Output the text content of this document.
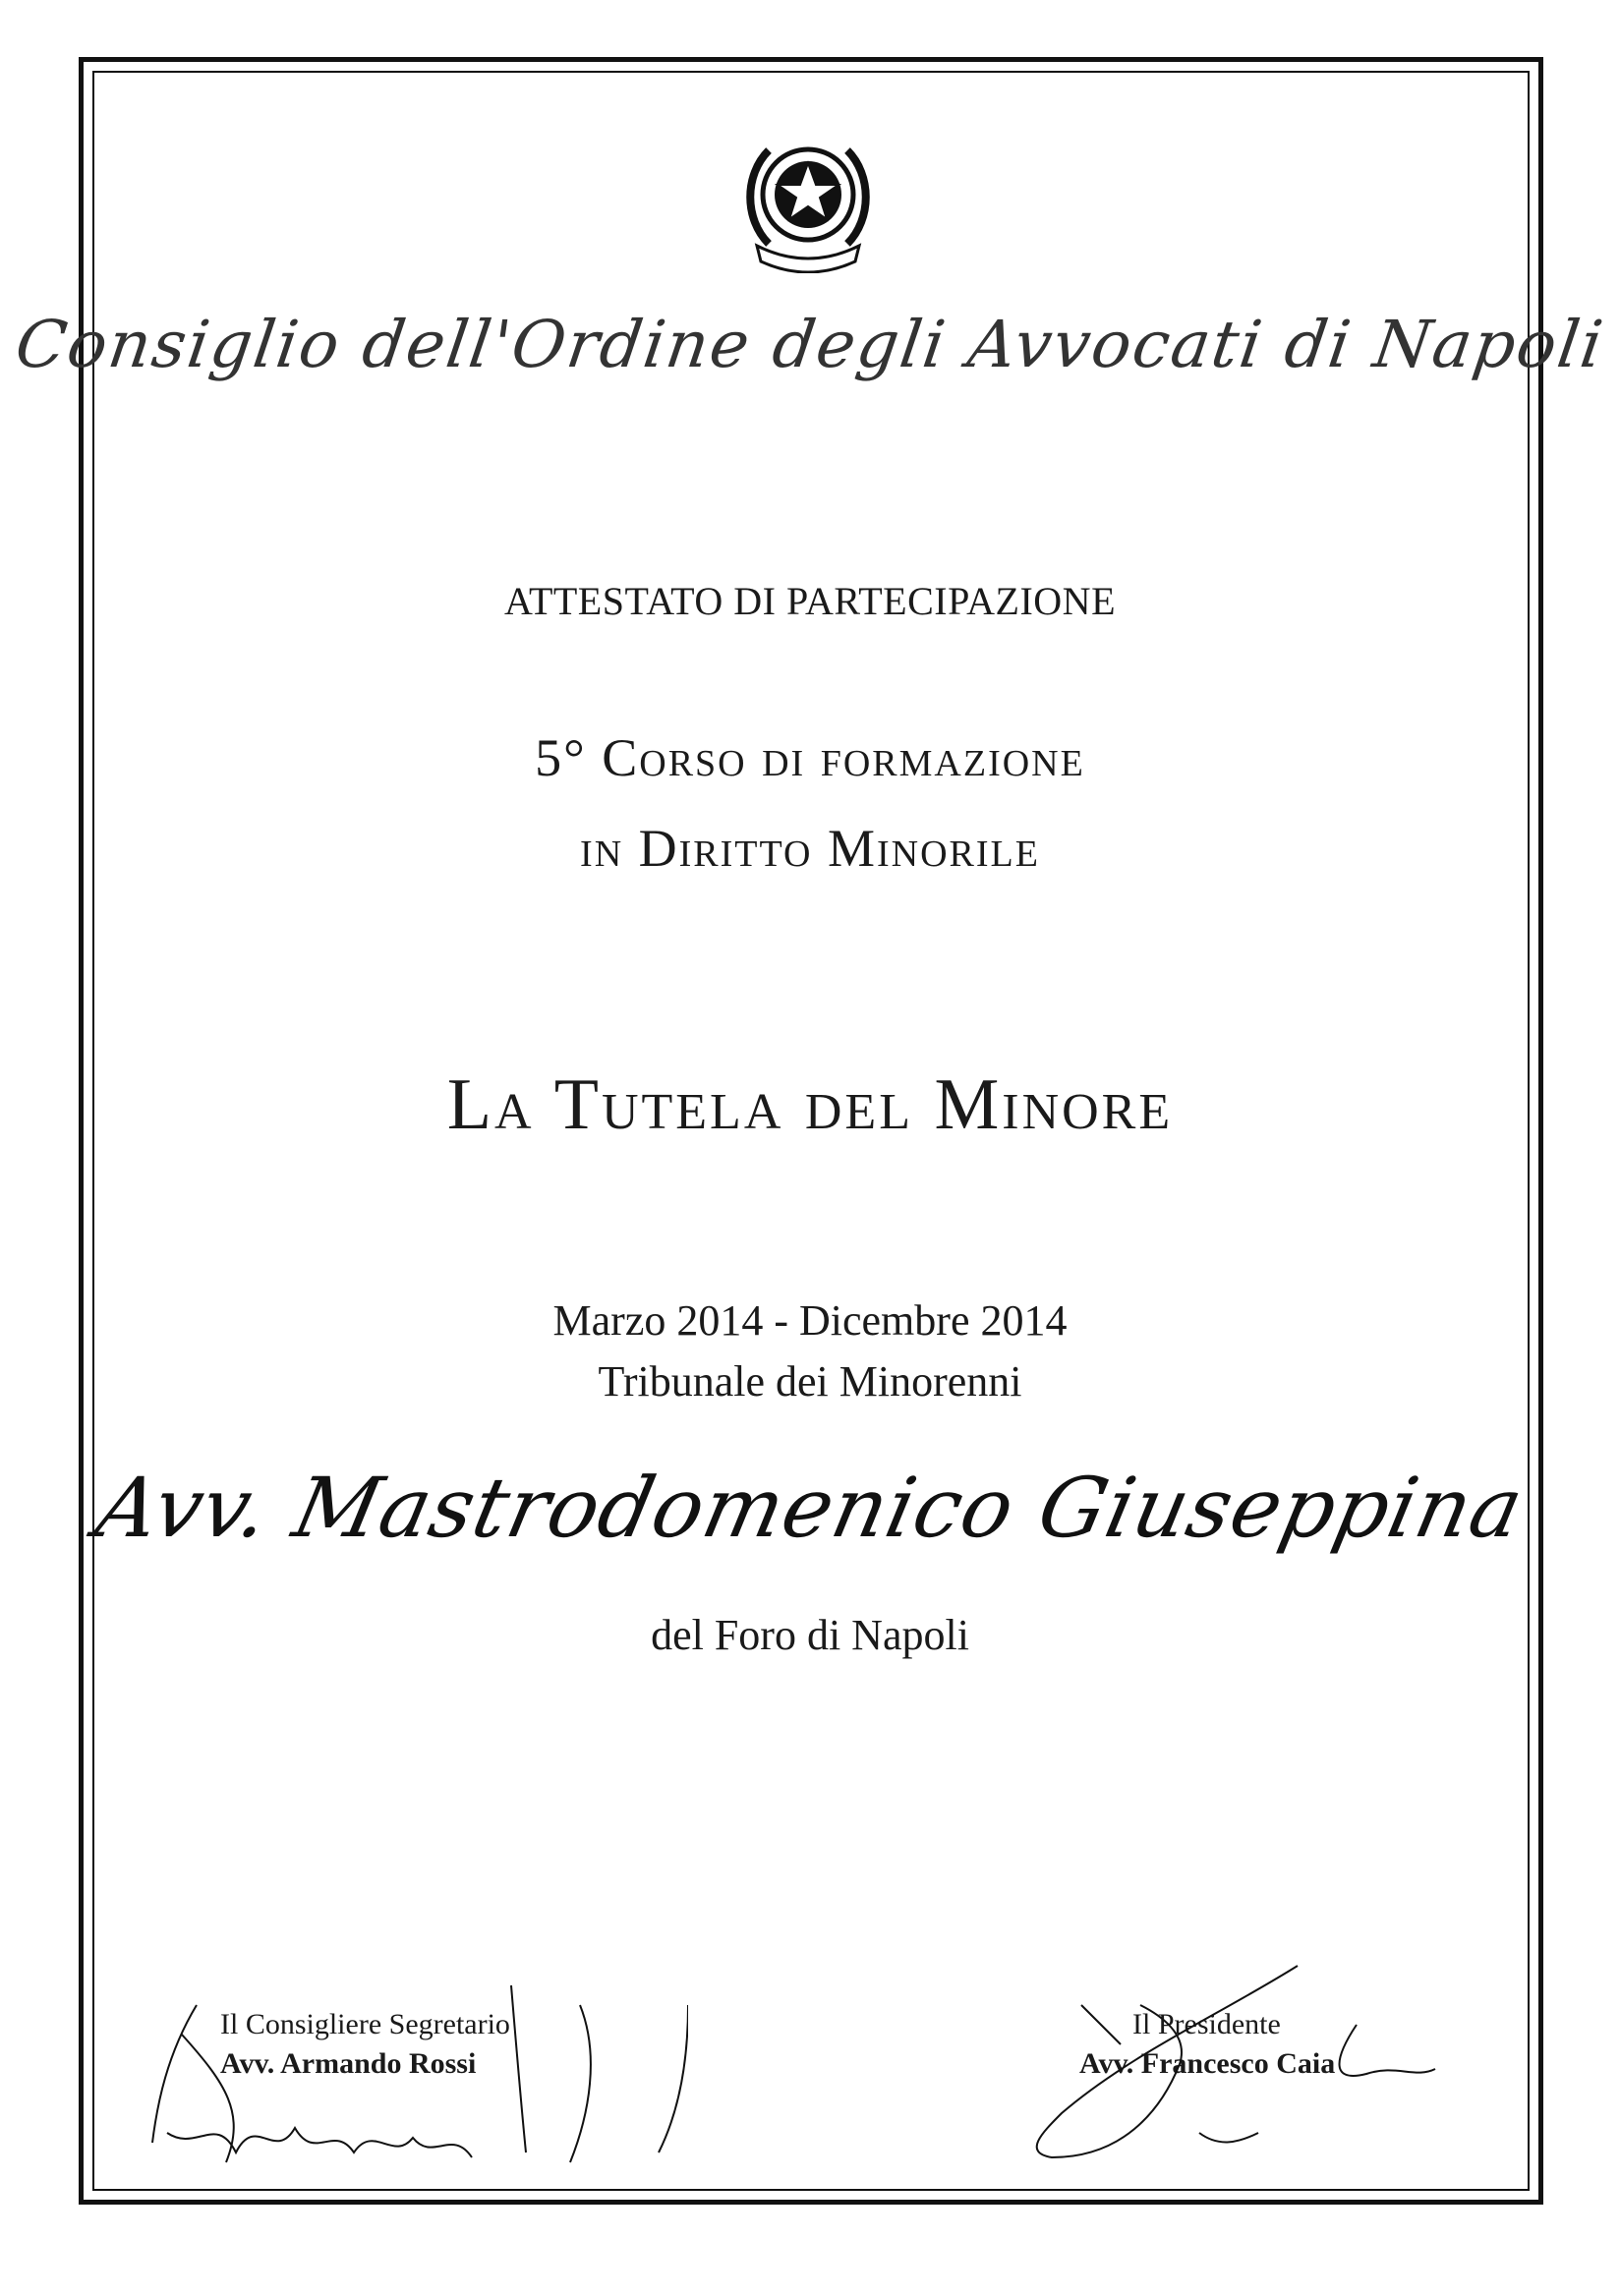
Consiglio dell'Ordine degli Avvocati di Napoli
ATTESTATO DI PARTECIPAZIONE
5° Corso di formazione
in Diritto Minorile
La Tutela del Minore
Marzo 2014 - Dicembre 2014
Tribunale dei Minorenni
Avv. Mastrodomenico Giuseppina
del Foro di Napoli
Il Consigliere Segretario
Avv. Armando Rossi
Il Presidente
Avv. Francesco Caia
